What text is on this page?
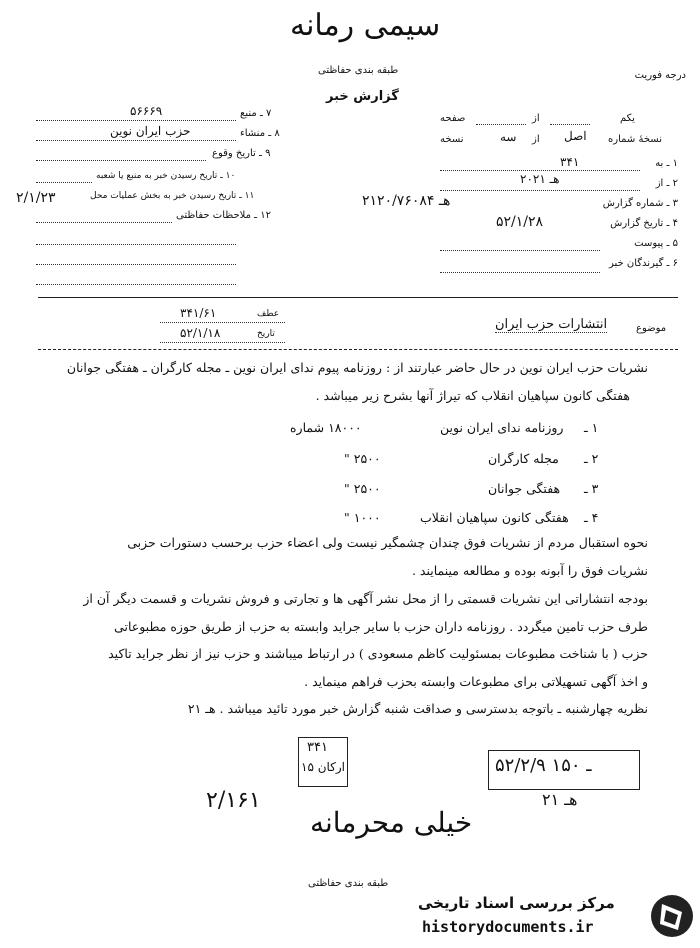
سیمی رمانه
طبقه بندی حفاظتی
گزارش خبر
درجه فوریت
صفحه	از	یکم
نسخه	سه از اصل نسخهٔ شماره
۱ ـ به
۳۴۱
۲ ـ از
۲۰هـ ۲۱
۳ ـ شماره گزارش
۲۱هـ ۲۰/۷۶۰۸۴
۴ ـ تاریخ گزارش
۵۲/۱/۲۸
۵ ـ پیوست
۶ ـ گیرندگان خبر
۷ ـ منبع
۵۶۶۶۹
۸ ـ منشاء
حزب ایران نوین
۹ ـ تاریخ وقوع
۱۰ ـ تاریخ رسیدن خبر به منبع یا شعبه
۱۱ ـ تاریخ رسیدن خبر به بخش عملیات محل
۲/۱/۲۳
۱۲ ـ ملاحظات حفاظتی
موضوع
انتشارات حزب ایران
عطف
۳۴۱/۶۱
تاریخ
۵۲/۱/۱۸
نشریات حزب ایران نوین در حال حاضر عبارتند از : روزنامه پیوم ندای ایران نوین ـ مجله کارگران ـ هفتگی جوانان
هفتگی کانون سپاهیان انقلاب که تیراژ آنها بشرح زیر میباشد .
۱ ـ
روزنامه ندای ایران نوین
۱۸۰۰۰ شماره
۲ ـ
مجله کارگران
۲۵۰۰ "
۳ ـ
هفتگی جوانان
۲۵۰۰ "
۴ ـ
هفتگی کانون سپاهیان انقلاب
۱۰۰۰ "
نحوه استقبال مردم از نشریات فوق چندان چشمگیر نیست ولی اعضاء حزب برحسب دستورات حزبی
نشریات فوق را آبونه بوده و مطالعه مینمایند .
بودجه انتشاراتی این نشریات قسمتی را از محل نشر آگهی ها و تجارتی و فروش نشریات و قسمت دیگر آن از
طرف حزب تامین میگردد . روزنامه داران حزب با سایر جراید وابسته به حزب از طریق حوزه مطبوعاتی
حزب ( با شناخت مطبوعات بمسئولیت کاظم مسعودی ) در ارتباط میباشند و حزب نیز از نظر جراید تاکید
و اخذ آگهی تسهیلاتی برای مطبوعات وابسته بحزب فراهم مینماید .
نظریه چهارشنبه ـ باتوجه بدسترسی و صداقت شنبه گزارش خبر مورد تائید میباشد . هـ ۲۱
۳۴۱
ارکان ۱۵	۵۲/۲/۹ ۱۵۰ ـ
۲۱ هـ
۲/۱۶۱
خیلی محرمانه
طبقه بندی حفاظتی
مرکز بررسی اسناد تاریخی
historydocuments.ir
